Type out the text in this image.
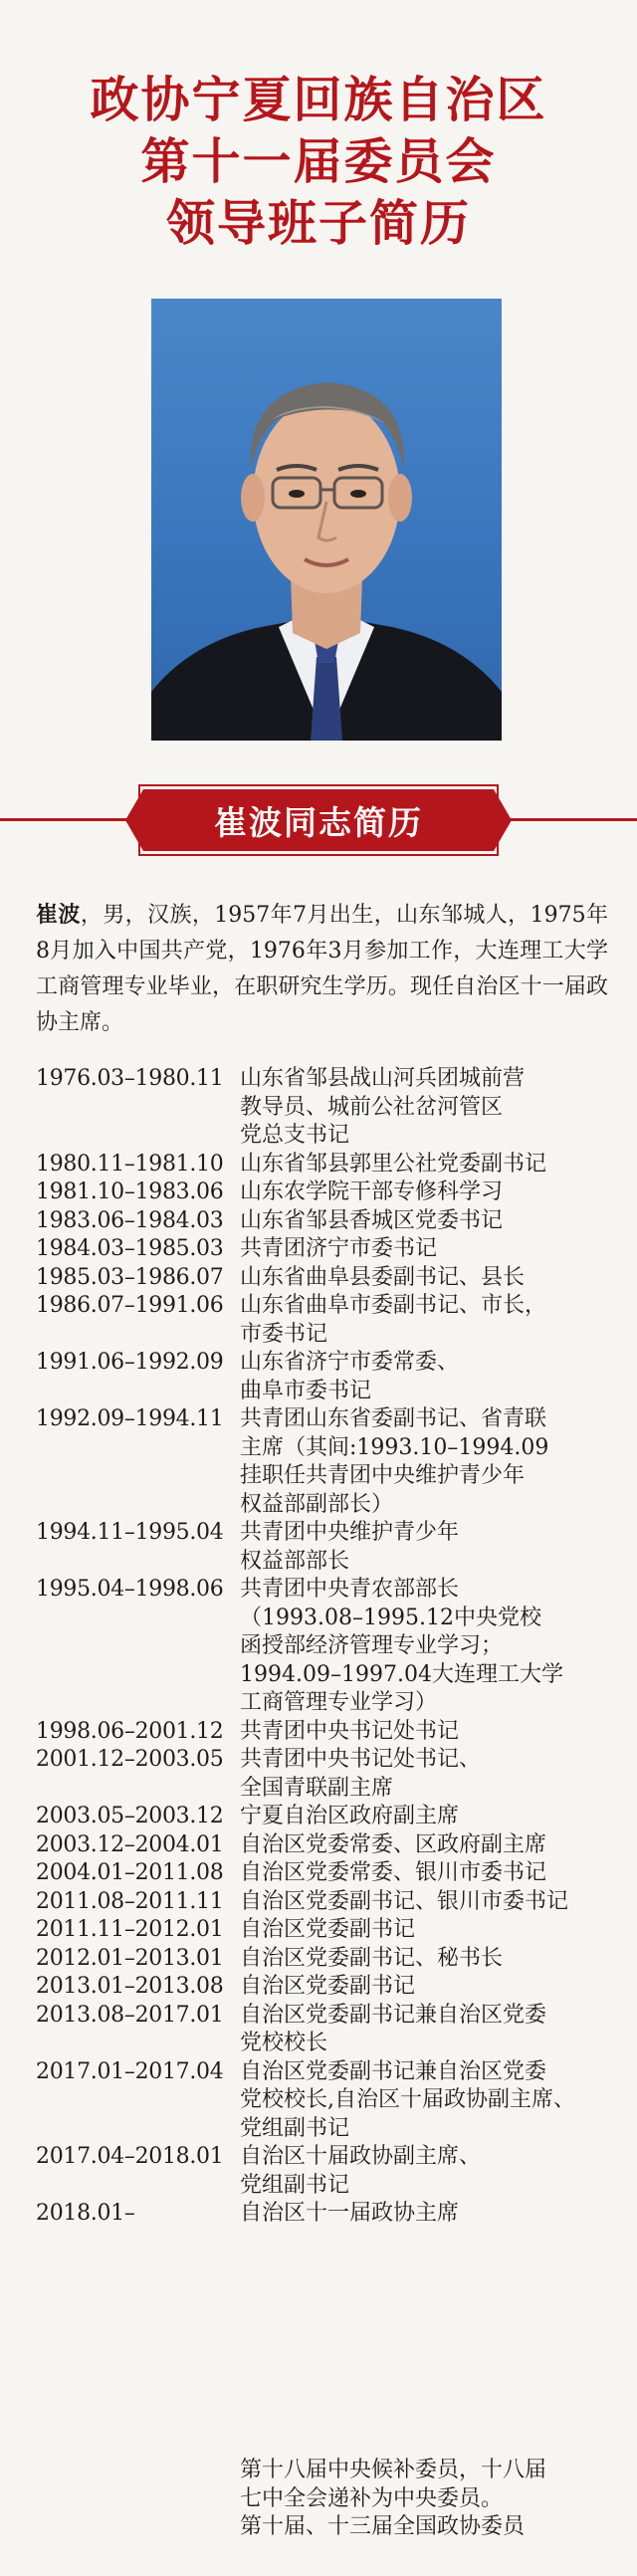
政协宁夏回族自治区
第十一届委员会
领导班子简历
崔波同志简历
崔波，男，汉族，1957年7月出生，山东邹城人，1975年8月加入中国共产党，1976年3月参加工作，大连理工大学工商管理专业毕业，在职研究生学历。现任自治区十一届政协主席。
1976.03–1980.11 山东省邹县战山河兵团城前营
教导员、城前公社岔河管区
党总支书记
1980.11–1981.10 山东省邹县郭里公社党委副书记
1981.10–1983.06 山东农学院干部专修科学习
1983.06–1984.03 山东省邹县香城区党委书记
1984.03–1985.03 共青团济宁市委书记
1985.03–1986.07 山东省曲阜县委副书记、县长
1986.07–1991.06 山东省曲阜市委副书记、市长，
市委书记
1991.06–1992.09 山东省济宁市委常委、
曲阜市委书记
1992.09–1994.11 共青团山东省委副书记、省青联
主席（其间:1993.10–1994.09
挂职任共青团中央维护青少年
权益部副部长）
1994.11–1995.04 共青团中央维护青少年
权益部部长
1995.04–1998.06 共青团中央青农部部长
（1993.08–1995.12中央党校
函授部经济管理专业学习；
1994.09–1997.04大连理工大学
工商管理专业学习）
1998.06–2001.12 共青团中央书记处书记
2001.12–2003.05 共青团中央书记处书记、
全国青联副主席
2003.05–2003.12 宁夏自治区政府副主席
2003.12–2004.01 自治区党委常委、区政府副主席
2004.01–2011.08 自治区党委常委、银川市委书记
2011.08–2011.11 自治区党委副书记、银川市委书记
2011.11–2012.01 自治区党委副书记
2012.01–2013.01 自治区党委副书记、秘书长
2013.01–2013.08 自治区党委副书记
2013.08–2017.01 自治区党委副书记兼自治区党委
党校校长
2017.01–2017.04 自治区党委副书记兼自治区党委
党校校长,自治区十届政协副主席、
党组副书记
2017.04–2018.01 自治区十届政协副主席、
党组副书记
2018.01–	自治区十一届政协主席
第十八届中央候补委员，十八届
七中全会递补为中央委员。
第十届、十三届全国政协委员
